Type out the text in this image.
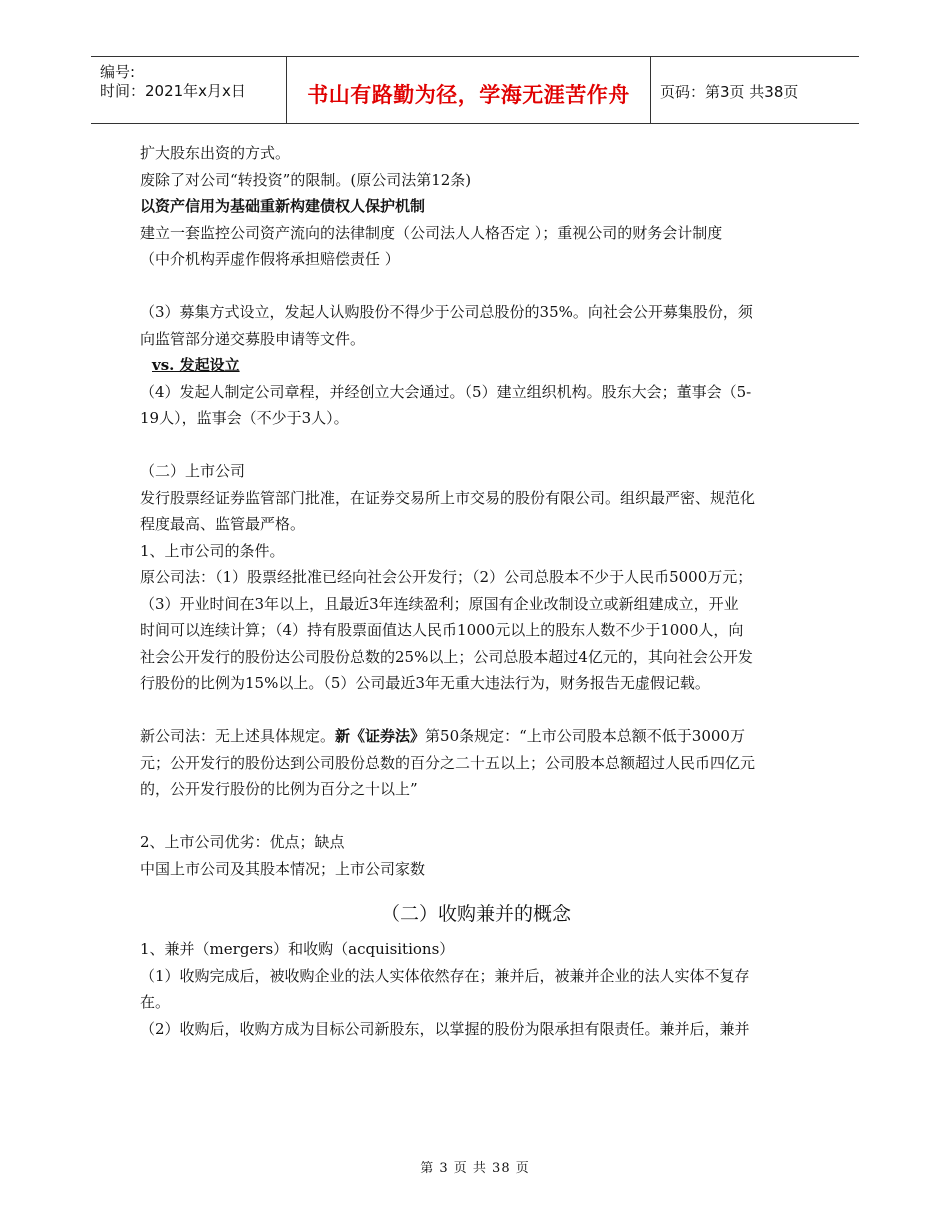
编号:
时间：2021年x月x日	书山有路勤为径，学海无涯苦作舟	页码：第3页 共38页
扩大股东出资的方式。
废除了对公司“转投资”的限制。(原公司法第12条)
以资产信用为基础重新构建债权人保护机制
建立一套监控公司资产流向的法律制度（公司法人人格否定 ）；重视公司的财务会计制度
（中介机构弄虚作假将承担赔偿责任 ）
（3）募集方式设立，发起人认购股份不得少于公司总股份的35%。向社会公开募集股份，须
向监管部分递交募股申请等文件。
vs. 发起设立
（4）发起人制定公司章程，并经创立大会通过。（5）建立组织机构。股东大会；董事会（5-
19人），监事会（不少于3人）。
（二）上市公司
发行股票经证券监管部门批准，在证券交易所上市交易的股份有限公司。组织最严密、规范化
程度最高、监管最严格。
1、上市公司的条件。
原公司法：（1）股票经批准已经向社会公开发行；（2）公司总股本不少于人民币5000万元；
（3）开业时间在3年以上，且最近3年连续盈利；原国有企业改制设立或新组建成立，开业
时间可以连续计算；（4）持有股票面值达人民币1000元以上的股东人数不少于1000人，向
社会公开发行的股份达公司股份总数的25%以上；公司总股本超过4亿元的，其向社会公开发
行股份的比例为15%以上。（5）公司最近3年无重大违法行为，财务报告无虚假记载。
新公司法：无上述具体规定。新《证券法》第50条规定：“上市公司股本总额不低于3000万
元；公开发行的股份达到公司股份总数的百分之二十五以上；公司股本总额超过人民币四亿元
的，公开发行股份的比例为百分之十以上”
2、上市公司优劣：优点；缺点
中国上市公司及其股本情况；上市公司家数
（二）收购兼并的概念
1、兼并（mergers）和收购（acquisitions）
（1）收购完成后，被收购企业的法人实体依然存在；兼并后，被兼并企业的法人实体不复存
在。
（2）收购后，收购方成为目标公司新股东，以掌握的股份为限承担有限责任。兼并后，兼并
第 3 页 共 38 页
